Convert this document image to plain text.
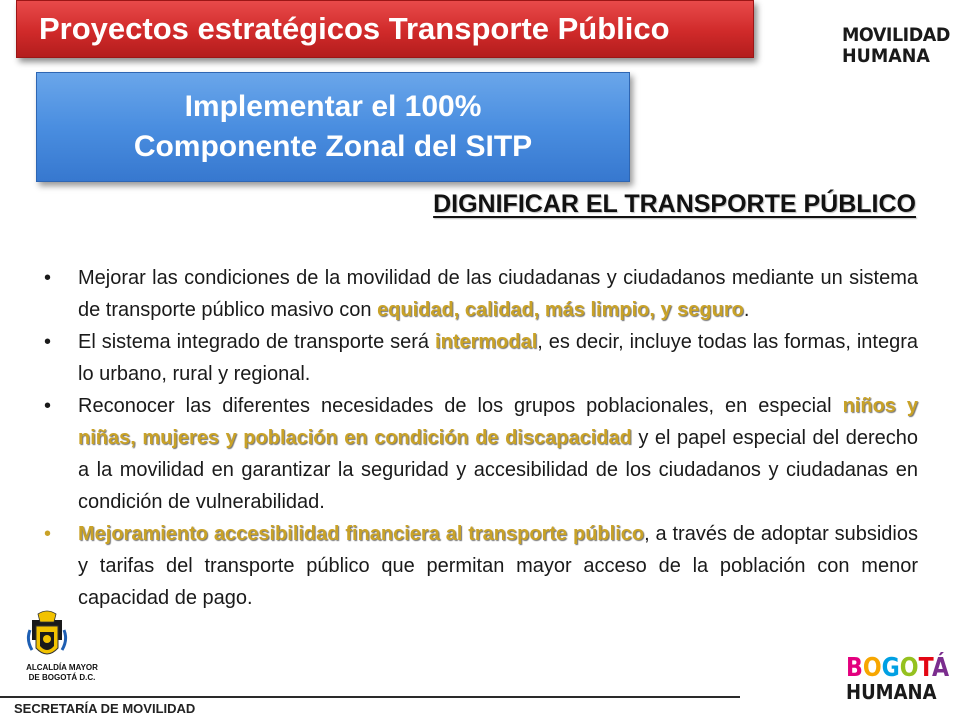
Proyectos estratégicos Transporte Público	MOVILIDAD
HUMANA
Implementar el 100%
Componente Zonal del SITP
DIGNIFICAR EL TRANSPORTE PÚBLICO
• Mejorar las condiciones de la movilidad de las ciudadanas y ciudadanos mediante un sistema de transporte público masivo con equidad, calidad, más limpio, y seguro.
• El sistema integrado de transporte será intermodal, es decir, incluye todas las formas, integra lo urbano, rural y regional.
• Reconocer las diferentes necesidades de los grupos poblacionales, en especial niños y niñas, mujeres y población en condición de discapacidad y el papel especial del derecho a la movilidad en garantizar la seguridad y accesibilidad de los ciudadanos y ciudadanas en condición de vulnerabilidad.
• Mejoramiento accesibilidad financiera al transporte público, a través de adoptar subsidios y tarifas del transporte público que permitan mayor acceso de la población con menor capacidad de pago.
ALCALDÍA MAYOR
DE BOGOTÁ D.C.
SECRETARÍA DE MOVILIDAD
BOGOTÁ
HUMANA
